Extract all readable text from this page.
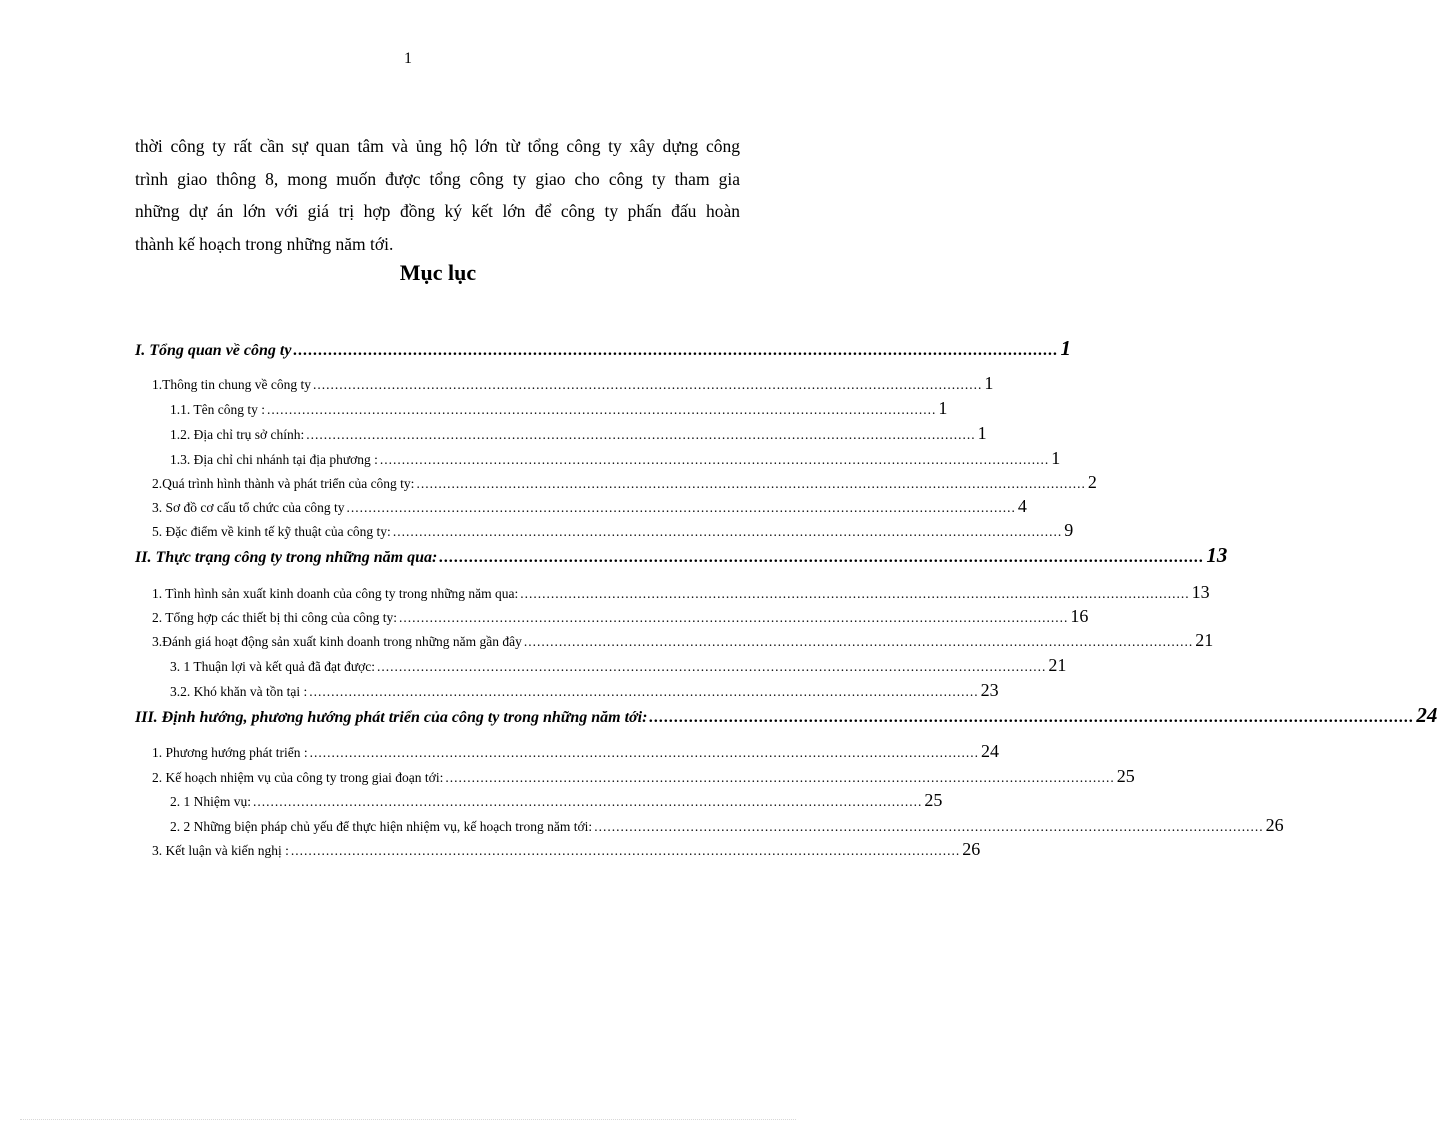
1
thời công ty rất cần sự quan tâm và ủng hộ lớn từ tổng công ty xây dựng công
trình giao thông 8, mong muốn được tổng công ty giao cho công ty tham gia
những dự án lớn với giá trị hợp đồng ký kết lớn để công ty phấn đấu hoàn
thành kế hoạch trong những năm tới.
Mục lục
I. Tổng quan về công ty ......................................................................................................................................................... 1
1.Thông tin chung về công ty ......................................................................................................................................................... 1
1.1. Tên công ty : ......................................................................................................................................................... 1
1.2. Địa chỉ trụ sở chính: ......................................................................................................................................................... 1
1.3. Địa chỉ chi nhánh tại địa phương : ......................................................................................................................................................... 1
2.Quá trình hình thành và phát triển của công ty: ......................................................................................................................................................... 2
3. Sơ đồ cơ cấu tổ chức của công ty ......................................................................................................................................................... 4
5. Đặc điểm về kinh tế kỹ thuật của công ty: ......................................................................................................................................................... 9
II. Thực trạng công ty trong những năm qua: ......................................................................................................................................................... 13
1. Tình hình sản xuất kinh doanh của công ty trong những năm qua: ......................................................................................................................................................... 13
2. Tổng hợp các thiết bị thi công của công ty: ......................................................................................................................................................... 16
3.Đánh giá hoạt động sản xuất kinh doanh trong những năm gần đây ......................................................................................................................................................... 21
3. 1 Thuận lợi và kết quả đã đạt được: ......................................................................................................................................................... 21
3.2. Khó khăn và tồn tại : ......................................................................................................................................................... 23
III. Định hướng, phương hướng phát triển của công ty trong những năm tới: ......................................................................................................................................................... 24
1. Phương hướng phát triển : ......................................................................................................................................................... 24
2. Kế hoạch nhiệm vụ của công ty trong giai đoạn tới: ......................................................................................................................................................... 25
2. 1 Nhiệm vụ: ......................................................................................................................................................... 25
2. 2 Những biện pháp chủ yếu để thực hiện nhiệm vụ, kế hoạch trong năm tới: ......................................................................................................................................................... 26
3. Kết luận và kiến nghị : ......................................................................................................................................................... 26
